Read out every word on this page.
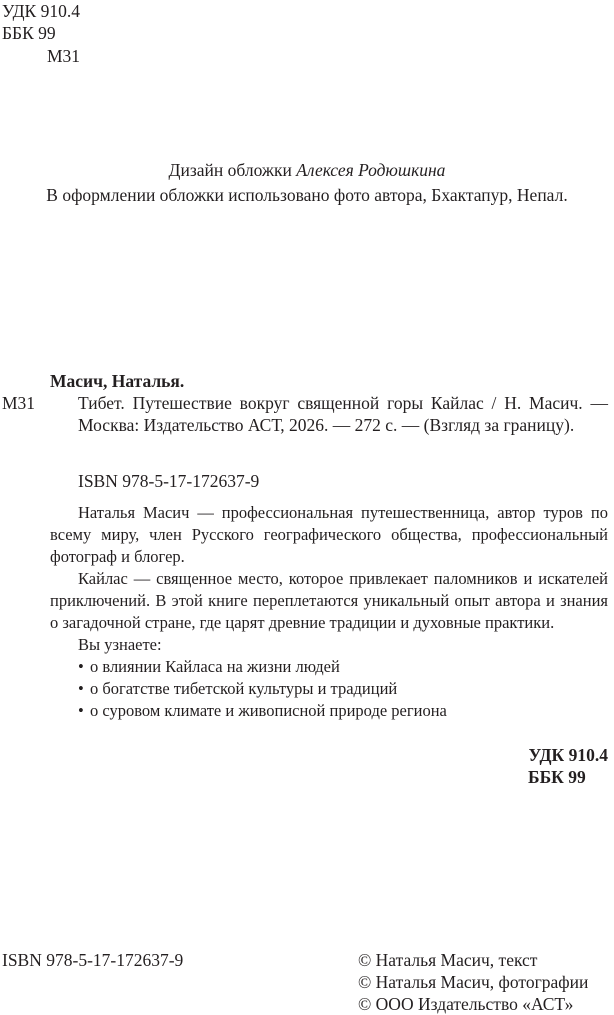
УДК 910.4
ББК 99
М31
Дизайн обложки Алексея Родюшкина
В оформлении обложки использовано фото автора, Бхактапур, Непал.
Масич, Наталья.
М31 Тибет. Путешествие вокруг священной горы Кайлас / Н. Масич. — Москва: Издательство АСТ, 2026. — 272 с. — (Взгляд за границу).
ISBN 978-5-17-172637-9

Наталья Масич — профессиональная путешественница, автор туров по всему миру, член Русского географического общества, профессиональный фотограф и блогер.

Кайлас — священное место, которое привлекает паломников и искателей приключений. В этой книге переплетаются уникальный опыт автора и знания о загадочной стране, где царят древние традиции и духовные практики.

Вы узнаете:

• о влиянии Кайласа на жизни людей
• о богатстве тибетской культуры и традиций
• о суровом климате и живописной природе региона
УДК 910.4
ББК 99
ISBN 978-5-17-172637-9	© Наталья Масич, текст
© Наталья Масич, фотографии
© ООО Издательство «АСТ»
